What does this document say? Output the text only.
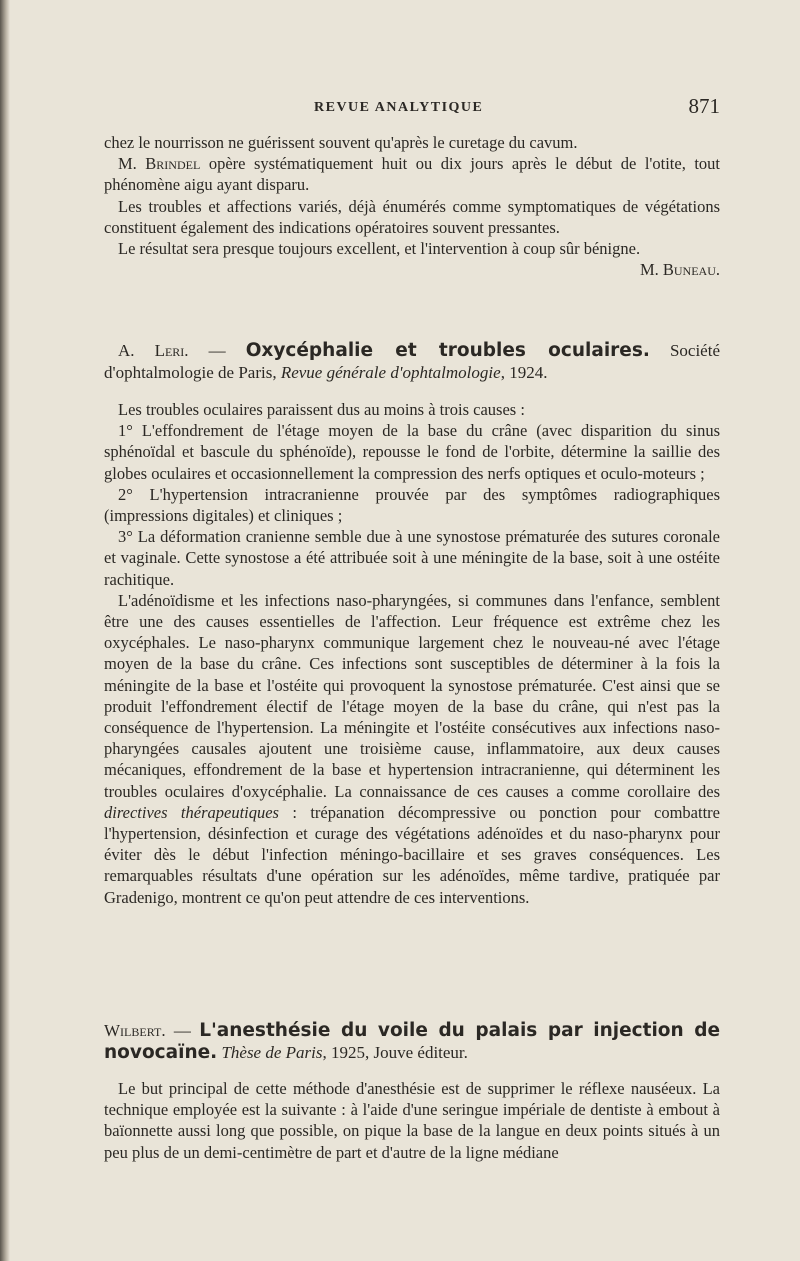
REVUE ANALYTIQUE	871

chez le nourrisson ne guérissent souvent qu'après le curetage du cavum.

M. Brindel opère systématiquement huit ou dix jours après le début de l'otite, tout phénomène aigu ayant disparu.

Les troubles et affections variés, déjà énumérés comme symptomatiques de végétations constituent également des indications opératoires souvent pressantes.

Le résultat sera presque toujours excellent, et l'intervention à coup sûr bénigne.
M. Buneau.

A. Leri. — Oxycéphalie et troubles oculaires. Société d'ophtalmologie de Paris, Revue générale d'ophtalmologie, 1924.

Les troubles oculaires paraissent dus au moins à trois causes :

1° L'effondrement de l'étage moyen de la base du crâne (avec disparition du sinus sphénoïdal et bascule du sphénoïde), repousse le fond de l'orbite, détermine la saillie des globes oculaires et occasionnellement la compression des nerfs optiques et oculo-moteurs ;

2° L'hypertension intracranienne prouvée par des symptômes radiographiques (impressions digitales) et cliniques ;

3° La déformation cranienne semble due à une synostose prématurée des sutures coronale et vaginale. Cette synostose a été attribuée soit à une méningite de la base, soit à une ostéite rachitique.

L'adénoïdisme et les infections naso-pharyngées, si communes dans l'enfance, semblent être une des causes essentielles de l'affection. Leur fréquence est extrême chez les oxycéphales. Le naso-pharynx communique largement chez le nouveau-né avec l'étage moyen de la base du crâne. Ces infections sont susceptibles de déterminer à la fois la méningite de la base et l'ostéite qui provoquent la synostose prématurée. C'est ainsi que se produit l'effondrement électif de l'étage moyen de la base du crâne, qui n'est pas la conséquence de l'hypertension. La méningite et l'ostéite consécutives aux infections naso-pharyngées causales ajoutent une troisième cause, inflammatoire, aux deux causes mécaniques, effondrement de la base et hypertension intracranienne, qui déterminent les troubles oculaires d'oxycéphalie. La connaissance de ces causes a comme corollaire des directives thérapeutiques : trépanation décompressive ou ponction pour combattre l'hypertension, désinfection et curage des végétations adénoïdes et du naso-pharynx pour éviter dès le début l'infection méningo-bacillaire et ses graves conséquences. Les remarquables résultats d'une opération sur les adénoïdes, même tardive, pratiquée par Gradenigo, montrent ce qu'on peut attendre de ces interventions.

Wilbert. — L'anesthésie du voile du palais par injection de novocaïne. Thèse de Paris, 1925, Jouve éditeur.

Le but principal de cette méthode d'anesthésie est de supprimer le réflexe nauséeux. La technique employée est la suivante : à l'aide d'une seringue impériale de dentiste à embout à baïonnette aussi long que possible, on pique la base de la langue en deux points situés à un peu plus de un demi-centimètre de part et d'autre de la ligne médiane
